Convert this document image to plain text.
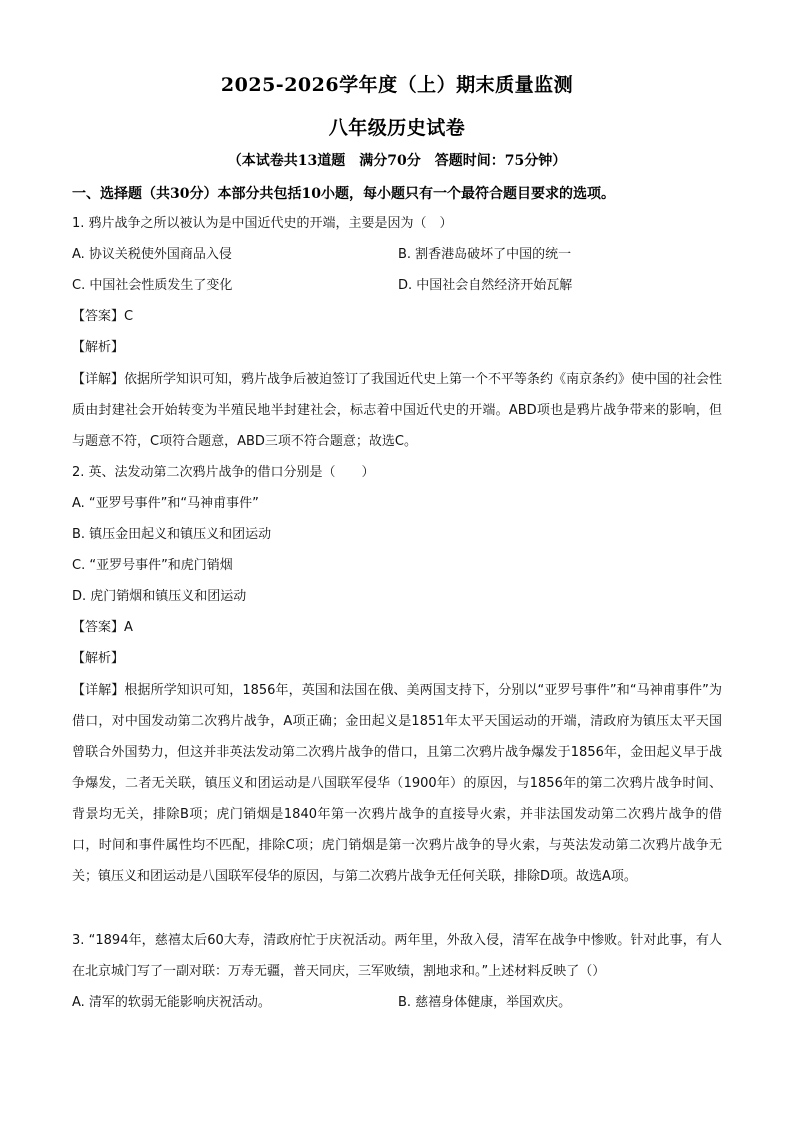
2025-2026学年度（上）期末质量监测
八年级历史试卷
（本试卷共13道题　满分70分　答题时间：75分钟）
一、选择题（共30分）本部分共包括10小题，每小题只有一个最符合题目要求的选项。
1. 鸦片战争之所以被认为是中国近代史的开端，主要是因为（　）
A. 协议关税使外国商品入侵	B. 割香港岛破坏了中国的统一
C. 中国社会性质发生了变化	D. 中国社会自然经济开始瓦解
【答案】C
【解析】
【详解】依据所学知识可知，鸦片战争后被迫签订了我国近代史上第一个不平等条约《南京条约》使中国的社会性质由封建社会开始转变为半殖民地半封建社会，标志着中国近代史的开端。ABD项也是鸦片战争带来的影响，但与题意不符，C项符合题意，ABD三项不符合题意；故选C。
2. 英、法发动第二次鸦片战争的借口分别是（　　）
A. “亚罗号事件”和“马神甫事件”
B. 镇压金田起义和镇压义和团运动
C. “亚罗号事件”和虎门销烟
D. 虎门销烟和镇压义和团运动
【答案】A
【解析】
【详解】根据所学知识可知，1856年，英国和法国在俄、美两国支持下，分别以“亚罗号事件”和“马神甫事件”为借口，对中国发动第二次鸦片战争，A项正确；金田起义是1851年太平天国运动的开端，清政府为镇压太平天国曾联合外国势力，但这并非英法发动第二次鸦片战争的借口，且第二次鸦片战争爆发于1856年，金田起义早于战争爆发，二者无关联，镇压义和团运动是八国联军侵华（1900年）的原因，与1856年的第二次鸦片战争时间、背景均无关，排除B项；虎门销烟是1840年第一次鸦片战争的直接导火索，并非法国发动第二次鸦片战争的借口，时间和事件属性均不匹配，排除C项；虎门销烟是第一次鸦片战争的导火索，与英法发动第二次鸦片战争无关；镇压义和团运动是八国联军侵华的原因，与第二次鸦片战争无任何关联，排除D项。故选A项。
3. “1894年，慈禧太后60大寿，清政府忙于庆祝活动。两年里，外敌入侵，清军在战争中惨败。针对此事，有人在北京城门写了一副对联：万寿无疆，普天同庆，三军败绩，割地求和。”上述材料反映了（）
A. 清军的软弱无能影响庆祝活动。	B. 慈禧身体健康，举国欢庆。
